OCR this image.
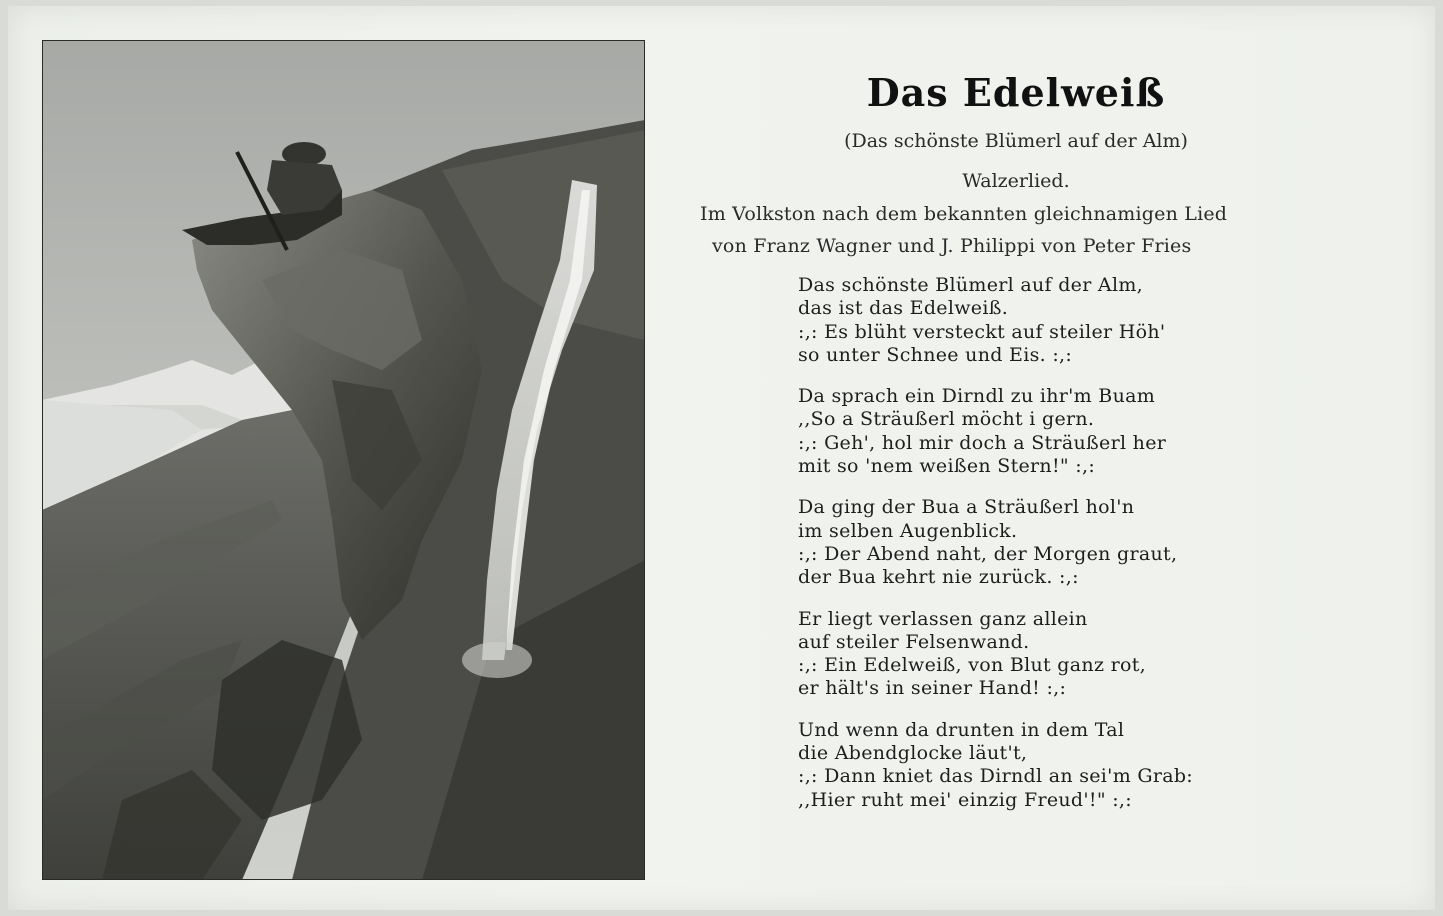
Das Edelweiß
(Das schönste Blümerl auf der Alm)
Walzerlied.
Im Volkston nach dem bekannten gleichnamigen Lied
von Franz Wagner und J. Philippi von Peter Fries
Das schönste Blümerl auf der Alm,
das ist das Edelweiß.
:,: Es blüht versteckt auf steiler Höh'
so unter Schnee und Eis. :,:
Da sprach ein Dirndl zu ihr'm Buam
,,So a Sträußerl möcht i gern.
:,: Geh', hol mir doch a Sträußerl her
mit so 'nem weißen Stern!" :,:
Da ging der Bua a Sträußerl hol'n
im selben Augenblick.
:,: Der Abend naht, der Morgen graut,
der Bua kehrt nie zurück. :,:
Er liegt verlassen ganz allein
auf steiler Felsenwand.
:,: Ein Edelweiß, von Blut ganz rot,
er hält's in seiner Hand! :,:
Und wenn da drunten in dem Tal
die Abendglocke läut't,
:,: Dann kniet das Dirndl an sei'm Grab:
,,Hier ruht mei' einzig Freud'!" :,:
